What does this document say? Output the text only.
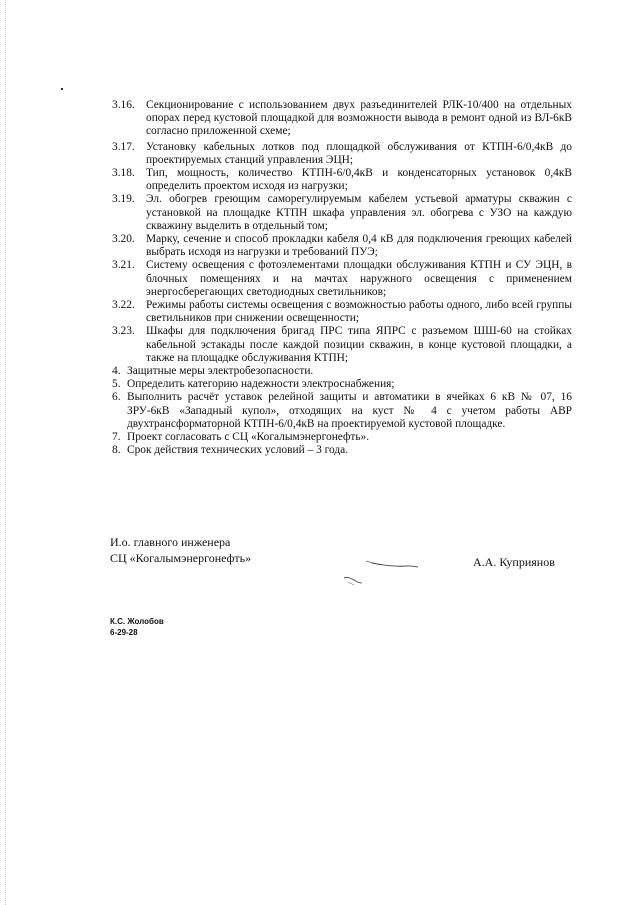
3.16. Секционирование с использованием двух разъединителей РЛК-10/400 на отдельных опорах перед кустовой площадкой для возможности вывода в ремонт одной из ВЛ-6кВ согласно приложенной схеме;
3.17. Установку кабельных лотков под площадкой обслуживания от КТПН-6/0,4кВ до проектируемых станций управления ЭЦН;
3.18. Тип, мощность, количество КТПН-6/0,4кВ и конденсаторных установок 0,4кВ определить проектом исходя из нагрузки;
3.19. Эл. обогрев греющим саморегулируемым кабелем устьевой арматуры скважин с установкой на площадке КТПН шкафа управления эл. обогрева с УЗО на каждую скважину выделить в отдельный том;
3.20. Марку, сечение и способ прокладки кабеля 0,4 кВ для подключения греющих кабелей выбрать исходя из нагрузки и требований ПУЭ;
3.21. Систему освещения с фотоэлементами площадки обслуживания КТПН и СУ ЭЦН, в блочных помещениях и на мачтах наружного освещения с применением энергосберегающих светодиодных светильников;
3.22. Режимы работы системы освещения с возможностью работы одного, либо всей группы светильников при снижении освещенности;
3.23. Шкафы для подключения бригад ПРС типа ЯПРС с разъемом ШШ-60 на стойках кабельной эстакады после каждой позиции скважин, в конце кустовой площадки, а также на площадке обслуживания КТПН;
4. Защитные меры электробезопасности.
5. Определить категорию надежности электроснабжения;
6. Выполнить расчёт уставок релейной защиты и автоматики в ячейках 6 кВ № 07, 16 ЗРУ-6кВ «Западный купол», отходящих на куст № 4 с учетом работы АВР двухтрансформаторной КТПН-6/0,4кВ на проектируемой кустовой площадке.
7. Проект согласовать с СЦ «Когалымэнергонефть».
8. Срок действия технических условий – 3 года.
И.о. главного инженера
СЦ «Когалымэнергонефть»	А.А. Куприянов
К.С. Жолобов
6-29-28
